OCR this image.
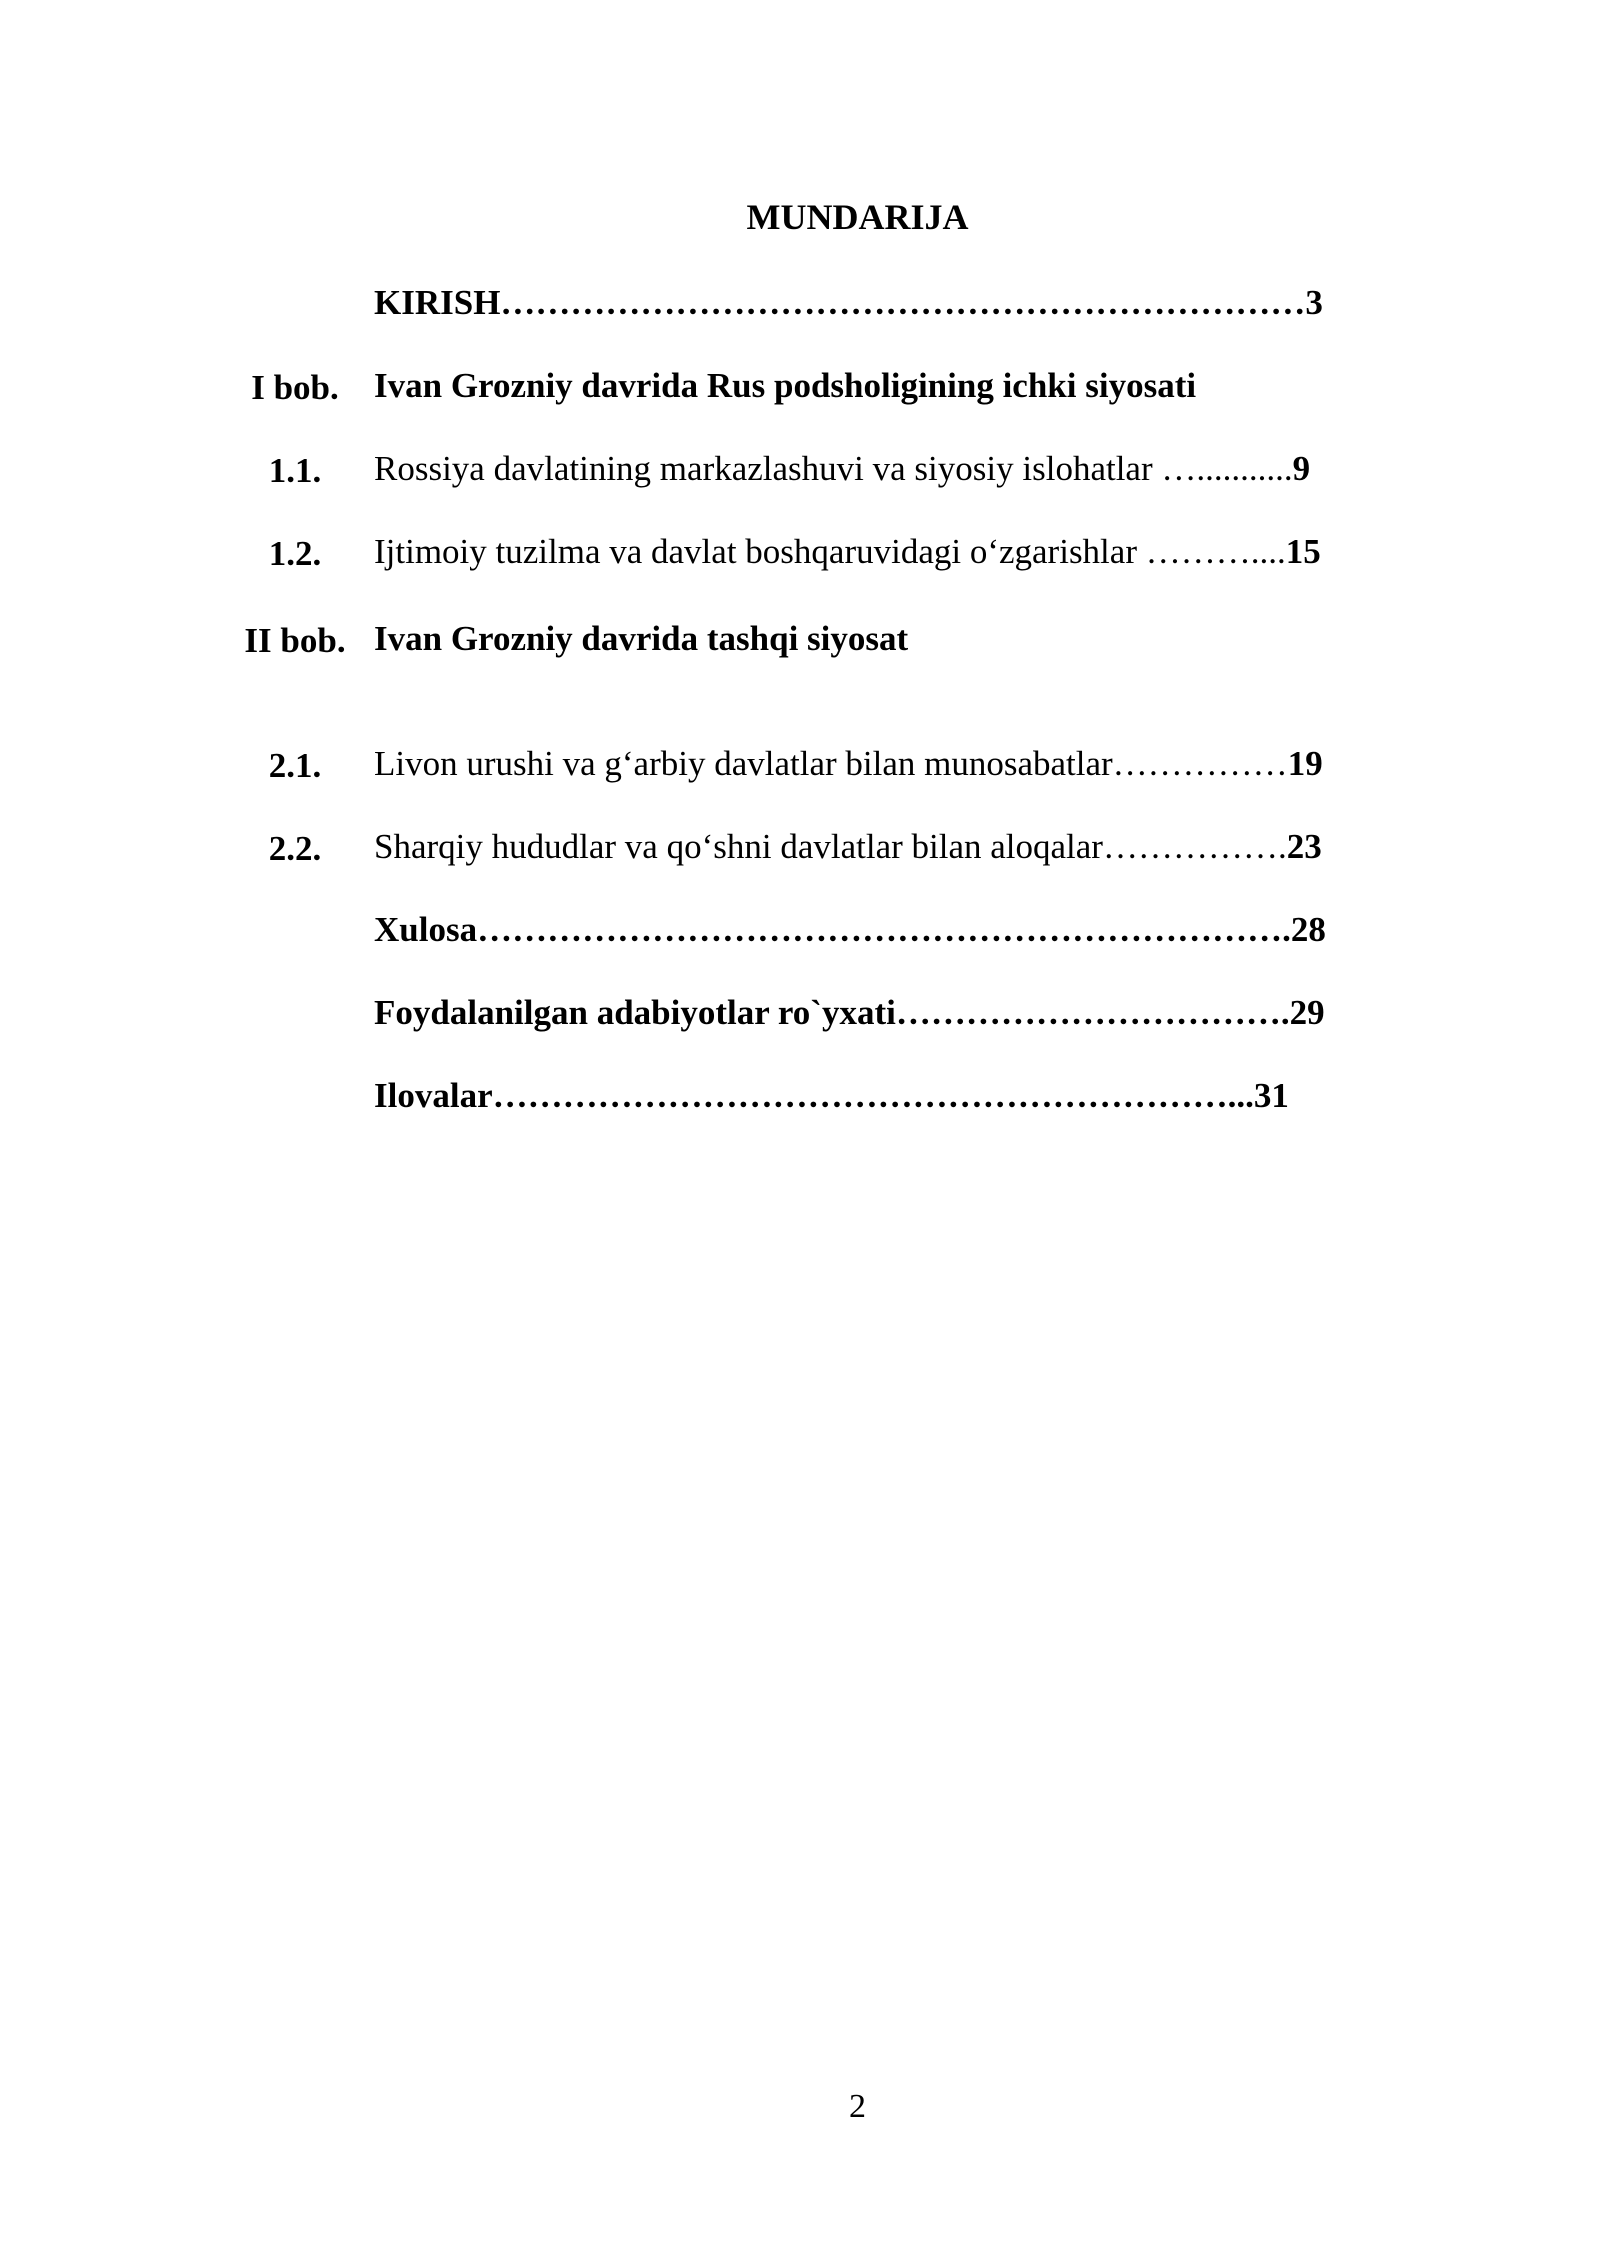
MUNDARIJA
KIRISH……………………………………………………………3
I bob.	Ivan Grozniy davrida Rus podsholigining ichki siyosati
1.1.	Rossiya davlatining markazlashuvi va siyosiy islohatlar …...........9
1.2.	Ijtimoiy tuzilma va davlat boshqaruvidagi o‘zgarishlar ………....15
II bob. Ivan Grozniy davrida tashqi siyosat
2.1.	Livon urushi va g‘arbiy davlatlar bilan munosabatlar……………19
2.2.	Sharqiy hududlar va qo‘shni davlatlar bilan aloqalar…………….23
Xulosa…………………………………………………………….28
Foydalanilgan adabiyotlar ro`yxati…………………………….29
Ilovalar………………………………………………………...31
2
